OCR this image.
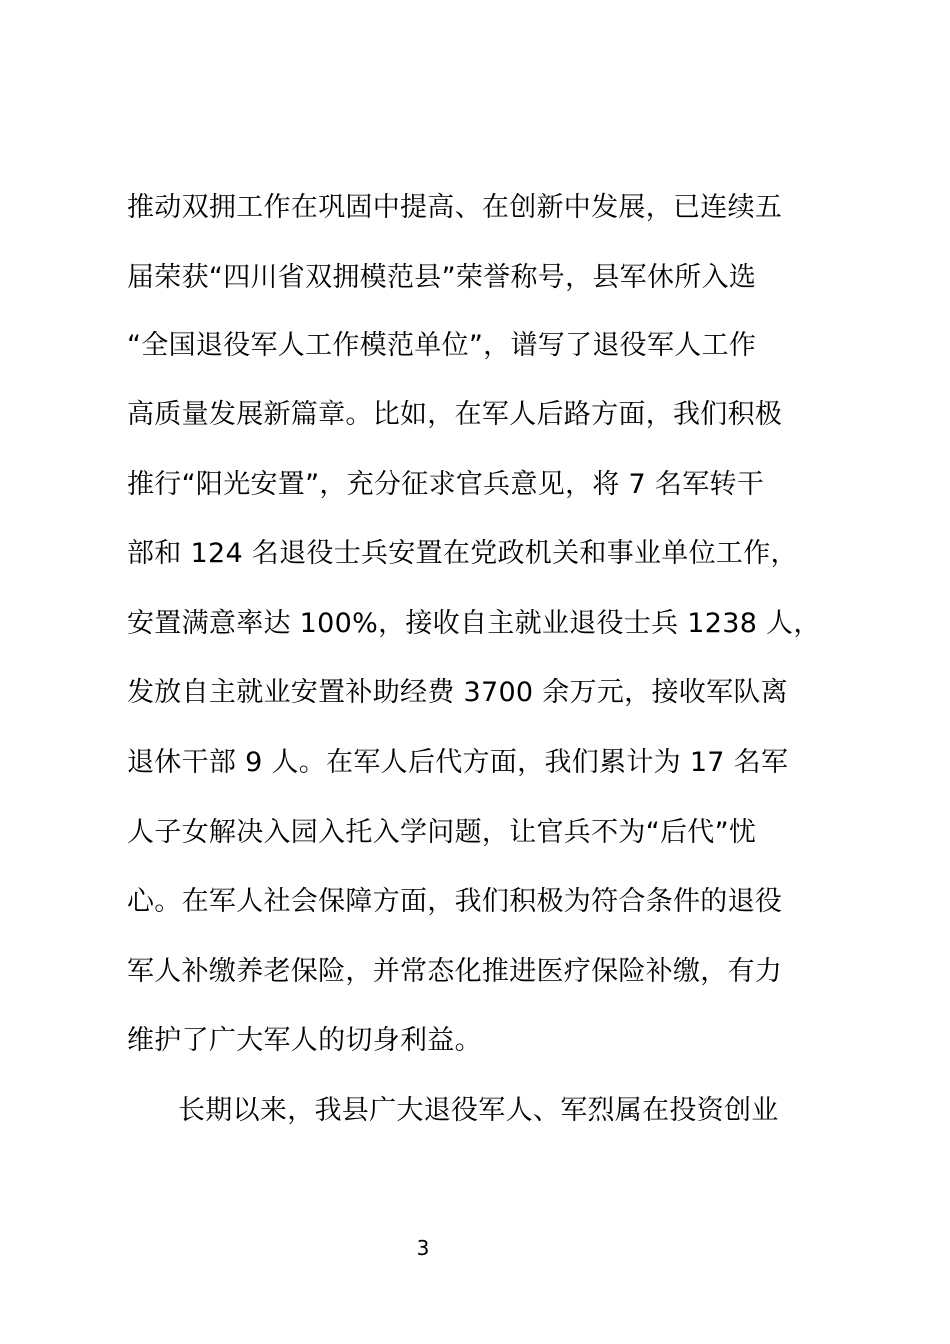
推动双拥工作在巩固中提高、在创新中发展，已连续五
届荣获“四川省双拥模范县”荣誉称号，县军休所入选
“全国退役军人工作模范单位”，谱写了退役军人工作
高质量发展新篇章。比如，在军人后路方面，我们积极
推行“阳光安置”，充分征求官兵意见，将 7 名军转干
部和 124 名退役士兵安置在党政机关和事业单位工作，
安置满意率达 100%，接收自主就业退役士兵 1238 人，
发放自主就业安置补助经费 3700 余万元，接收军队离
退休干部 9 人。在军人后代方面，我们累计为 17 名军
人子女解决入园入托入学问题，让官兵不为“后代”忧
心。在军人社会保障方面，我们积极为符合条件的退役
军人补缴养老保险，并常态化推进医疗保险补缴，有力
维护了广大军人的切身利益。
长期以来，我县广大退役军人、军烈属在投资创业
3
